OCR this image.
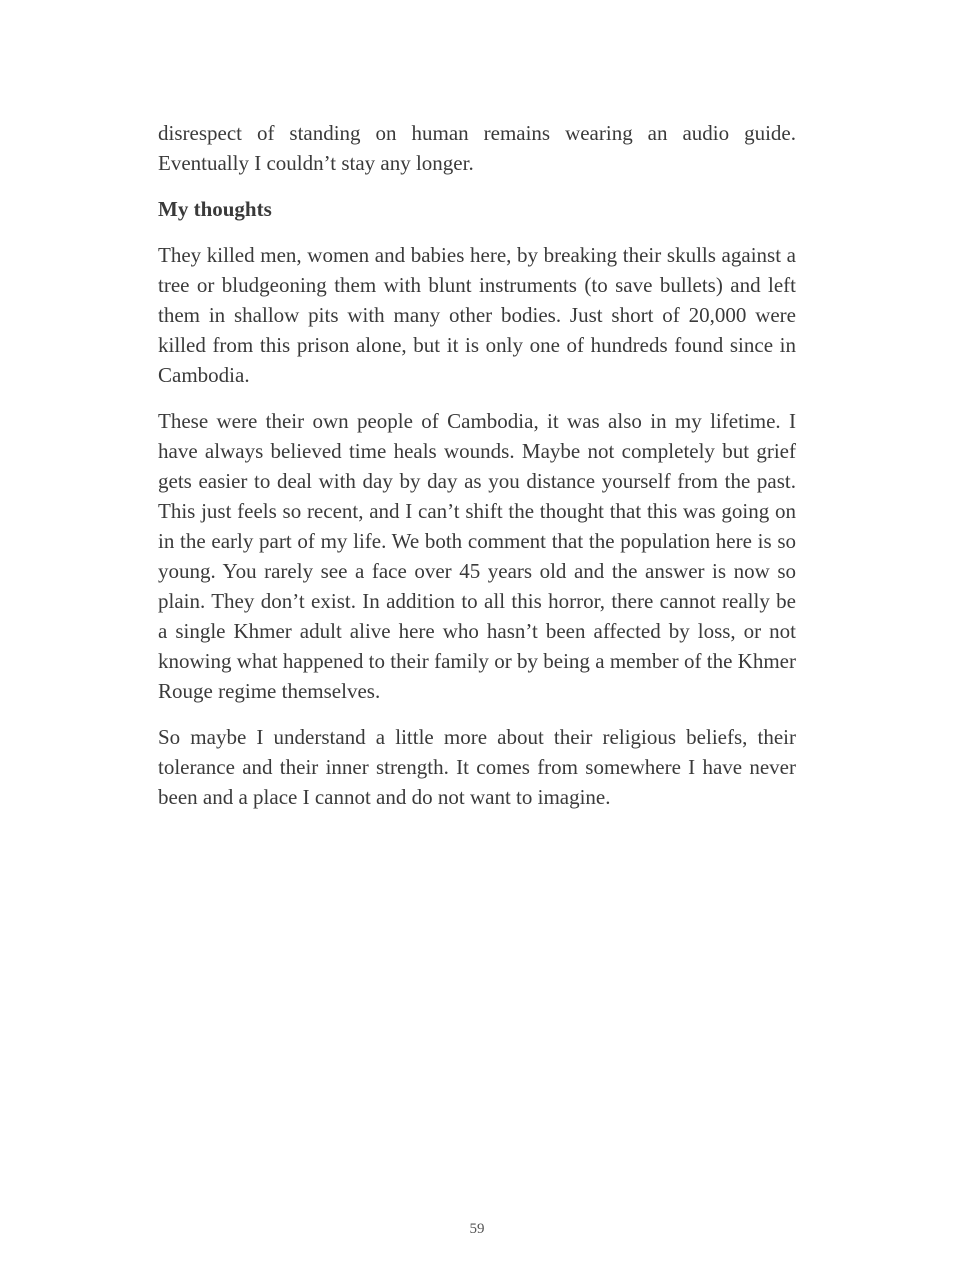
disrespect of standing on human remains wearing an audio guide. Eventually I couldn’t stay any longer.

My thoughts

They killed men, women and babies here, by breaking their skulls against a tree or bludgeoning them with blunt instruments (to save bullets) and left them in shallow pits with many other bodies. Just short of 20,000 were killed from this prison alone, but it is only one of hundreds found since in Cambodia.

These were their own people of Cambodia, it was also in my lifetime. I have always believed time heals wounds. Maybe not completely but grief gets easier to deal with day by day as you distance yourself from the past. This just feels so recent, and I can’t shift the thought that this was going on in the early part of my life. We both comment that the population here is so young. You rarely see a face over 45 years old and the answer is now so plain. They don’t exist. In addition to all this horror, there cannot really be a single Khmer adult alive here who hasn’t been affected by loss, or not knowing what happened to their family or by being a member of the Khmer Rouge regime themselves.

So maybe I understand a little more about their religious beliefs, their tolerance and their inner strength. It comes from somewhere I have never been and a place I cannot and do not want to imagine.

59
